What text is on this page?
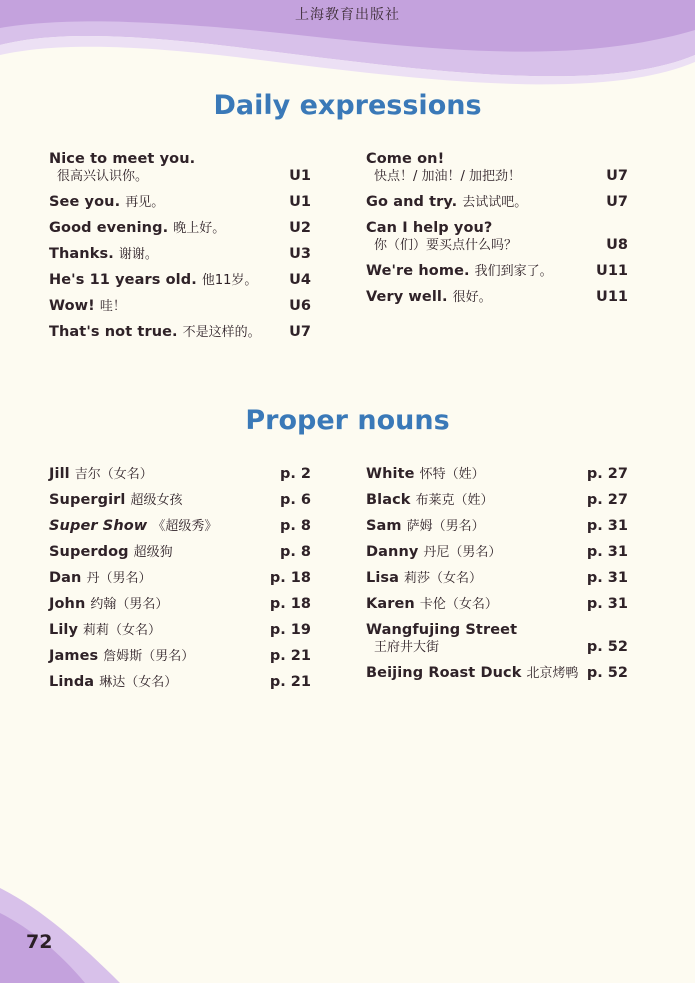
上海教育出版社
Daily expressions
Nice to meet you.
很高兴认识你。	U1
See you. 再见。	U1
Good evening. 晚上好。	U2
Thanks. 谢谢。	U3
He's 11 years old. 他11岁。 U4
Wow! 哇！	U6
That's not true. 不是这样的。 U7
Come on!
快点！/ 加油！/ 加把劲！	U7
Go and try. 去试试吧。	U7
Can I help you?
你（们）要买点什么吗？	U8
We're home. 我们到家了。	U11
Very well. 很好。	U11
Proper nouns
Jill 吉尔（女名）	p. 2
Supergirl 超级女孩	p. 6
Super Show 《超级秀》	p. 8
Superdog 超级狗	p. 8
Dan 丹（男名）	p. 18
John 约翰（男名）	p. 18
Lily 莉莉（女名）	p. 19
James 詹姆斯（男名）	p. 21
Linda 琳达（女名）	p. 21
White 怀特（姓）	p. 27
Black 布莱克（姓）	p. 27
Sam 萨姆（男名）	p. 31
Danny 丹尼（男名）	p. 31
Lisa 莉莎（女名）	p. 31
Karen 卡伦（女名）	p. 31
Wangfujing Street
王府井大街	p. 52
Beijing Roast Duck 北京烤鸭 p. 52
72
